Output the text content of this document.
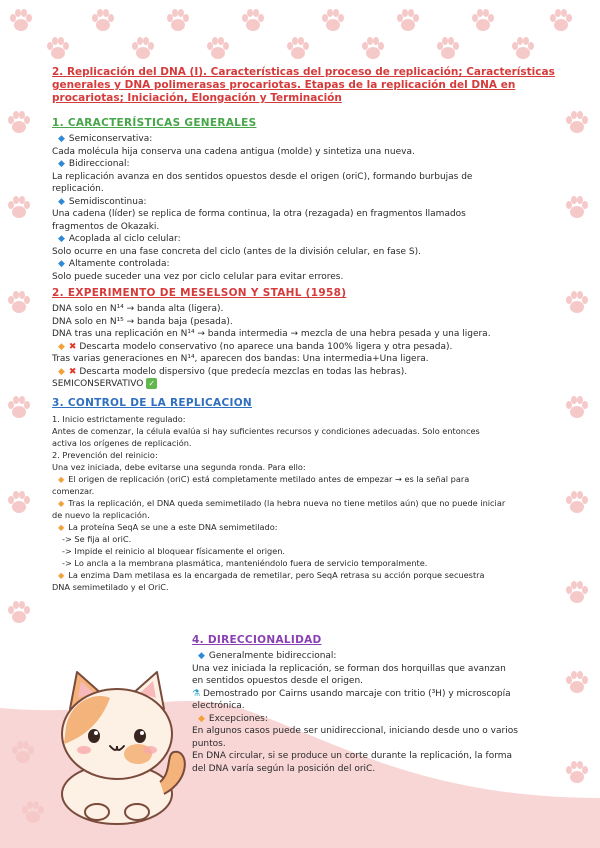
2. Replicación del DNA (I). Características del proceso de replicación; Características generales y DNA polimerasas procariotas. Etapas de la replicación del DNA en procariotas; Iniciación, Elongación y Terminación

1. CARACTERÍSTICAS GENERALES

◆ Semiconservativa:

Cada molécula hija conserva una cadena antigua (molde) y sintetiza una nueva.

◆ Bidireccional:

La replicación avanza en dos sentidos opuestos desde el origen (oriC), formando burbujas de

replicación.

◆ Semidiscontinua:

Una cadena (líder) se replica de forma continua, la otra (rezagada) en fragmentos llamados

fragmentos de Okazaki.

◆ Acoplada al ciclo celular:

Solo ocurre en una fase concreta del ciclo (antes de la división celular, en fase S).

◆ Altamente controlada:

Solo puede suceder una vez por ciclo celular para evitar errores.

2. EXPERIMENTO DE MESELSON Y STAHL (1958)

DNA solo en N¹⁴ → banda alta (ligera).

DNA solo en N¹⁵ → banda baja (pesada).

DNA tras una replicación en N¹⁴ → banda intermedia → mezcla de una hebra pesada y una ligera.

◆ ✖ Descarta modelo conservativo (no aparece una banda 100% ligera y otra pesada).

Tras varias generaciones en N¹⁴, aparecen dos bandas: Una intermedia+Una ligera.

◆ ✖ Descarta modelo dispersivo (que predecía mezclas en todas las hebras).

SEMICONSERVATIVO ✓

3. CONTROL DE LA REPLICACION

1. Inicio estrictamente regulado:

Antes de comenzar, la célula evalúa si hay suficientes recursos y condiciones adecuadas. Solo entonces

activa los orígenes de replicación.

2. Prevención del reinicio:

Una vez iniciada, debe evitarse una segunda ronda. Para ello:

◆ El origen de replicación (oriC) está completamente metilado antes de empezar → es la señal para

comenzar.

◆ Tras la replicación, el DNA queda semimetilado (la hebra nueva no tiene metilos aún) que no puede iniciar

de nuevo la replicación.

◆ La proteína SeqA se une a este DNA semimetilado:

-> Se fija al oriC.

-> Impide el reinicio al bloquear físicamente el origen.

-> Lo ancla a la membrana plasmática, manteniéndolo fuera de servicio temporalmente.

◆ La enzima Dam metilasa es la encargada de remetilar, pero SeqA retrasa su acción porque secuestra

DNA semimetilado y el OriC.

4. DIRECCIONALIDAD

◆ Generalmente bidireccional:

Una vez iniciada la replicación, se forman dos horquillas que avanzan

en sentidos opuestos desde el origen.

⚗ Demostrado por Cairns usando marcaje con tritio (³H) y microscopía

electrónica.

◆ Excepciones:

En algunos casos puede ser unidireccional, iniciando desde uno o varios

puntos.

En DNA circular, si se produce un corte durante la replicación, la forma

del DNA varía según la posición del oriC.
